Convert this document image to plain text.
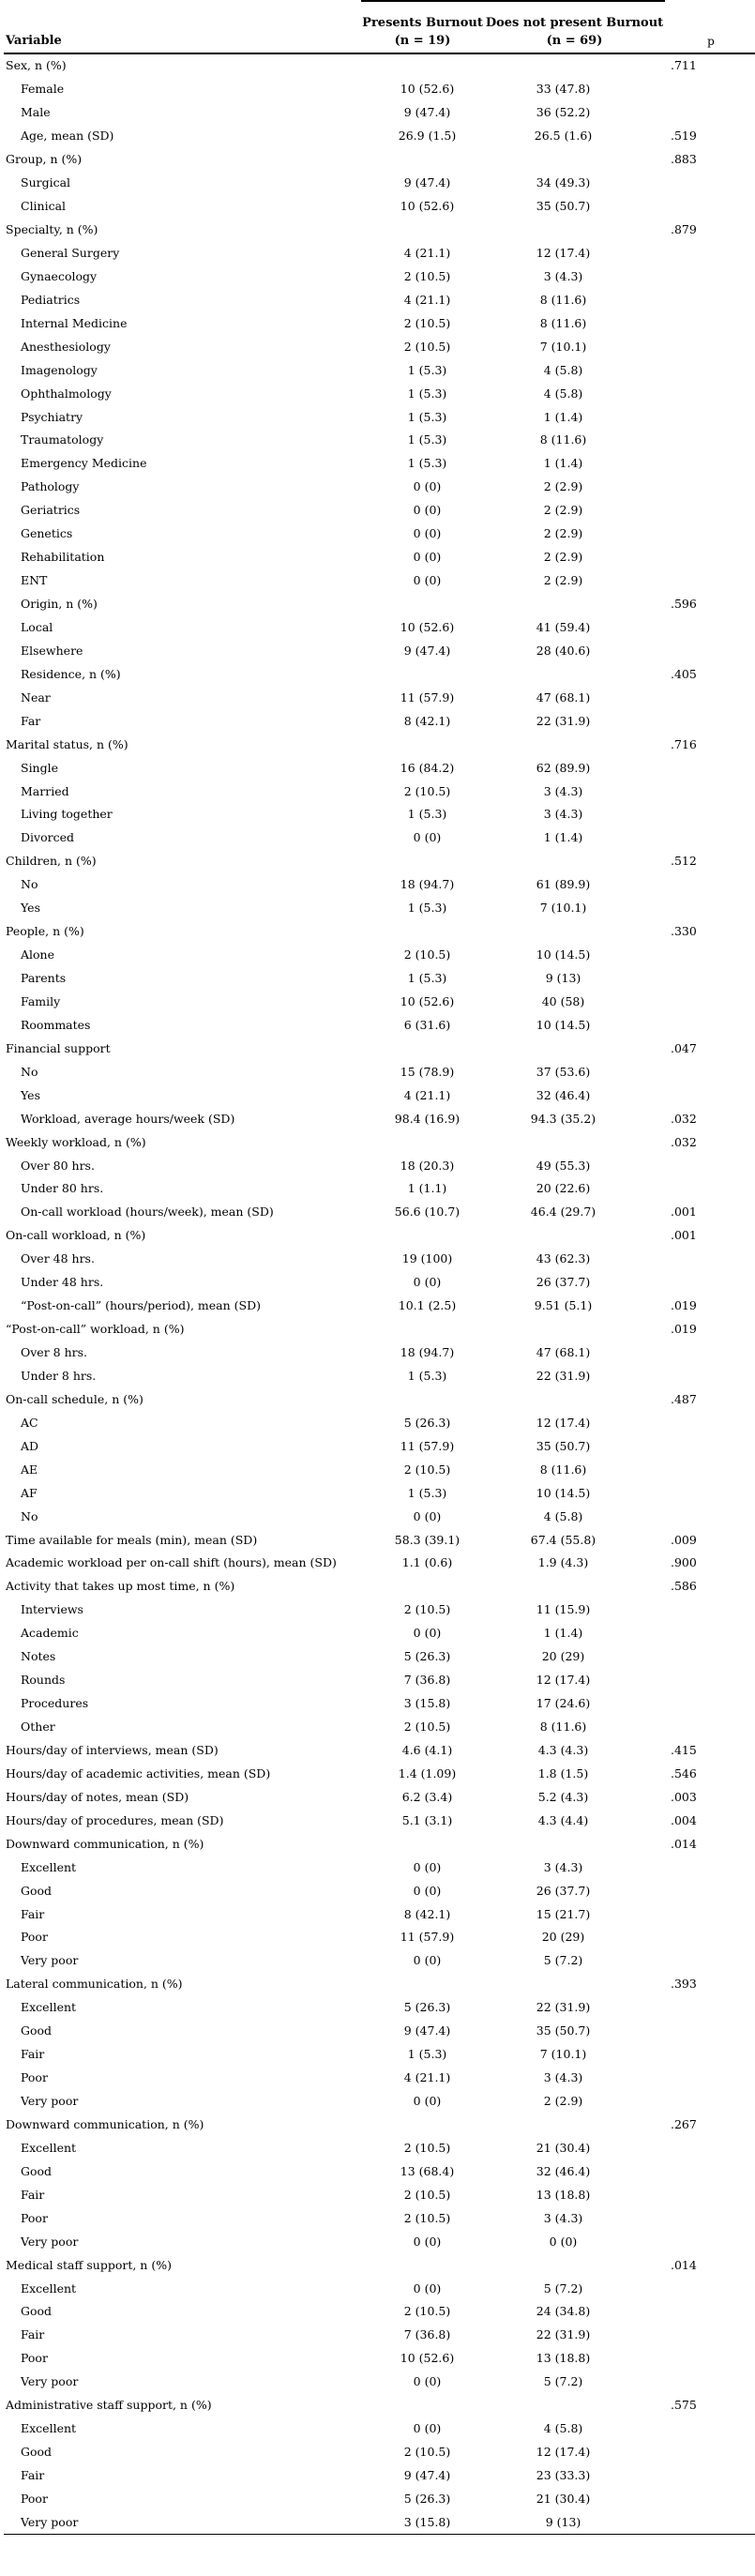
	Presents Burnout	Does not present Burnout	
Variable	(n = 19)	(n = 69)	p
Sex, n (%)			.711
Female	10 (52.6)	33 (47.8)	
Male	9 (47.4)	36 (52.2)	
Age, mean (SD)	26.9 (1.5)	26.5 (1.6)	.519
Group, n (%)			.883
Surgical	9 (47.4)	34 (49.3)	
Clinical	10 (52.6)	35 (50.7)	
Specialty, n (%)			.879
General Surgery	4 (21.1)	12 (17.4)	
Gynaecology	2 (10.5)	3 (4.3)	
Pediatrics	4 (21.1)	8 (11.6)	
Internal Medicine	2 (10.5)	8 (11.6)	
Anesthesiology	2 (10.5)	7 (10.1)	
Imagenology	1 (5.3)	4 (5.8)	
Ophthalmology	1 (5.3)	4 (5.8)	
Psychiatry	1 (5.3)	1 (1.4)	
Traumatology	1 (5.3)	8 (11.6)	
Emergency Medicine	1 (5.3)	1 (1.4)	
Pathology	0 (0)	2 (2.9)	
Geriatrics	0 (0)	2 (2.9)	
Genetics	0 (0)	2 (2.9)	
Rehabilitation	0 (0)	2 (2.9)	
ENT	0 (0)	2 (2.9)	
Origin, n (%)			.596
Local	10 (52.6)	41 (59.4)	
Elsewhere	9 (47.4)	28 (40.6)	
Residence, n (%)			.405
Near	11 (57.9)	47 (68.1)	
Far	8 (42.1)	22 (31.9)	
Marital status, n (%)			.716
Single	16 (84.2)	62 (89.9)	
Married	2 (10.5)	3 (4.3)	
Living together	1 (5.3)	3 (4.3)	
Divorced	0 (0)	1 (1.4)	
Children, n (%)			.512
No	18 (94.7)	61 (89.9)	
Yes	1 (5.3)	7 (10.1)	
People, n (%)			.330
Alone	2 (10.5)	10 (14.5)	
Parents	1 (5.3)	9 (13)	
Family	10 (52.6)	40 (58)	
Roommates	6 (31.6)	10 (14.5)	
Financial support			.047
No	15 (78.9)	37 (53.6)	
Yes	4 (21.1)	32 (46.4)	
Workload, average hours/week (SD)	98.4 (16.9)	94.3 (35.2)	.032
Weekly workload, n (%)			.032
Over 80 hrs.	18 (20.3)	49 (55.3)	
Under 80 hrs.	1 (1.1)	20 (22.6)	
On-call workload (hours/week), mean (SD)	56.6 (10.7)	46.4 (29.7)	.001
On-call workload, n (%)			.001
Over 48 hrs.	19 (100)	43 (62.3)	
Under 48 hrs.	0 (0)	26 (37.7)	
“Post-on-call” (hours/period), mean (SD)	10.1 (2.5)	9.51 (5.1)	.019
“Post-on-call” workload, n (%)			.019
Over 8 hrs.	18 (94.7)	47 (68.1)	
Under 8 hrs.	1 (5.3)	22 (31.9)	
On-call schedule, n (%)			.487
AC	5 (26.3)	12 (17.4)	
AD	11 (57.9)	35 (50.7)	
AE	2 (10.5)	8 (11.6)	
AF	1 (5.3)	10 (14.5)	
No	0 (0)	4 (5.8)	
Time available for meals (min), mean (SD)	58.3 (39.1)	67.4 (55.8)	.009
Academic workload per on-call shift (hours), mean (SD)	1.1 (0.6)	1.9 (4.3)	.900
Activity that takes up most time, n (%)			.586
Interviews	2 (10.5)	11 (15.9)	
Academic	0 (0)	1 (1.4)	
Notes	5 (26.3)	20 (29)	
Rounds	7 (36.8)	12 (17.4)	
Procedures	3 (15.8)	17 (24.6)	
Other	2 (10.5)	8 (11.6)	
Hours/day of interviews, mean (SD)	4.6 (4.1)	4.3 (4.3)	.415
Hours/day of academic activities, mean (SD)	1.4 (1.09)	1.8 (1.5)	.546
Hours/day of notes, mean (SD)	6.2 (3.4)	5.2 (4.3)	.003
Hours/day of procedures, mean (SD)	5.1 (3.1)	4.3 (4.4)	.004
Downward communication, n (%)			.014
Excellent	0 (0)	3 (4.3)	
Good	0 (0)	26 (37.7)	
Fair	8 (42.1)	15 (21.7)	
Poor	11 (57.9)	20 (29)	
Very poor	0 (0)	5 (7.2)	
Lateral communication, n (%)			.393
Excellent	5 (26.3)	22 (31.9)	
Good	9 (47.4)	35 (50.7)	
Fair	1 (5.3)	7 (10.1)	
Poor	4 (21.1)	3 (4.3)	
Very poor	0 (0)	2 (2.9)	
Downward communication, n (%)			.267
Excellent	2 (10.5)	21 (30.4)	
Good	13 (68.4)	32 (46.4)	
Fair	2 (10.5)	13 (18.8)	
Poor	2 (10.5)	3 (4.3)	
Very poor	0 (0)	0 (0)	
Medical staff support, n (%)			.014
Excellent	0 (0)	5 (7.2)	
Good	2 (10.5)	24 (34.8)	
Fair	7 (36.8)	22 (31.9)	
Poor	10 (52.6)	13 (18.8)	
Very poor	0 (0)	5 (7.2)	
Administrative staff support, n (%)			.575
Excellent	0 (0)	4 (5.8)	
Good	2 (10.5)	12 (17.4)	
Fair	9 (47.4)	23 (33.3)	
Poor	5 (26.3)	21 (30.4)	
Very poor	3 (15.8)	9 (13)	
